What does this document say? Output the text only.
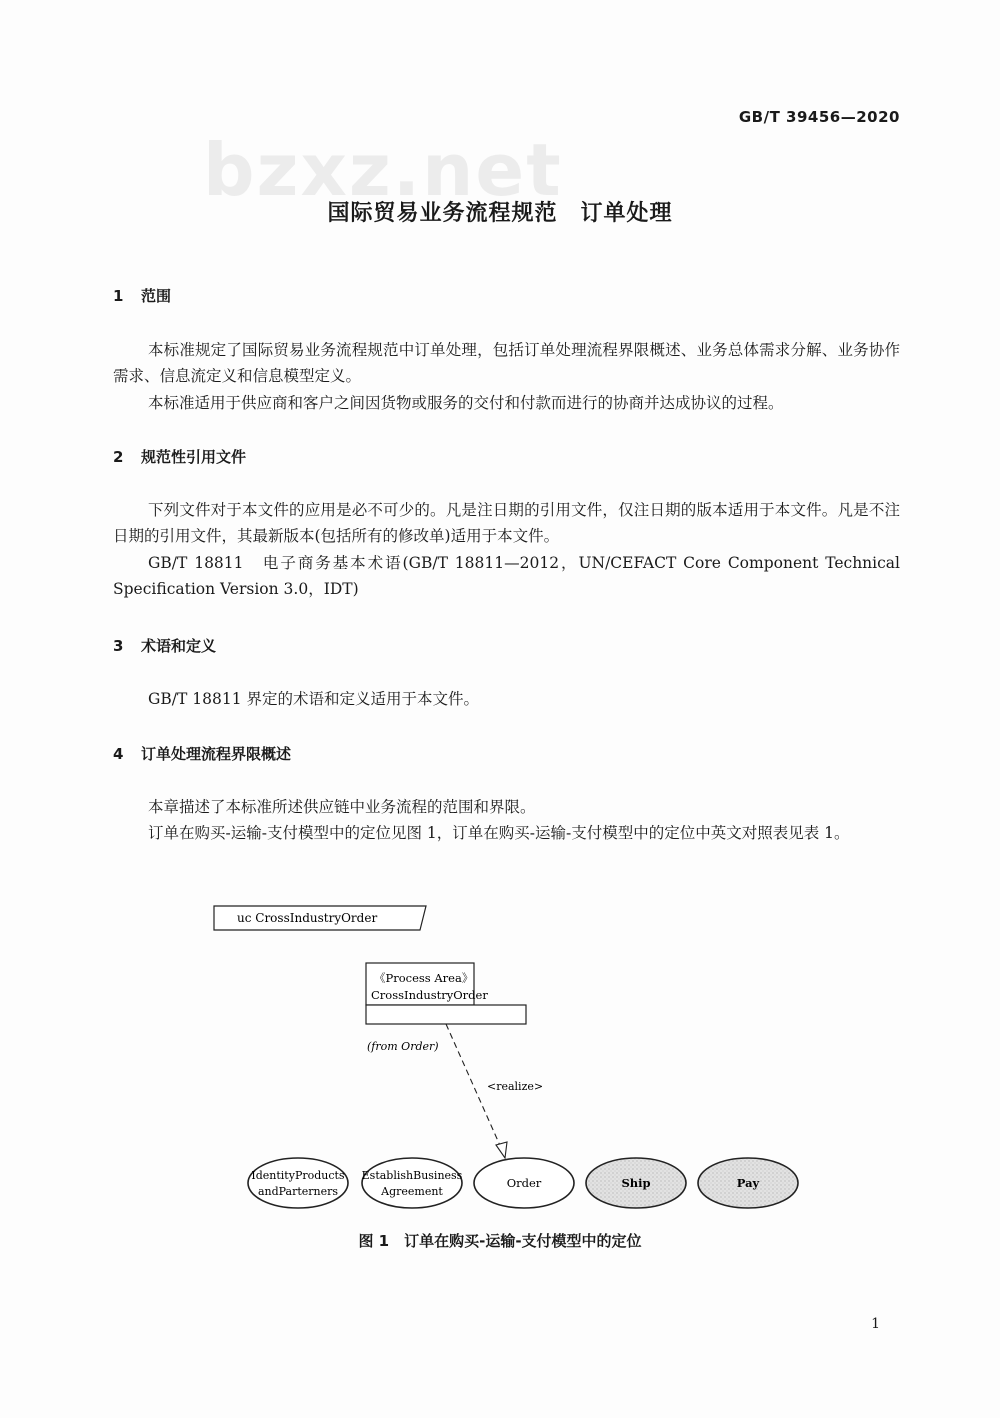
bzxz.net
GB/T 39456—2020
国际贸易业务流程规范　订单处理
1 范围
本标准规定了国际贸易业务流程规范中订单处理，包括订单处理流程界限概述、业务总体需求分解、业务协作需求、信息流定义和信息模型定义。
本标准适用于供应商和客户之间因货物或服务的交付和付款而进行的协商并达成协议的过程。
2 规范性引用文件
下列文件对于本文件的应用是必不可少的。凡是注日期的引用文件，仅注日期的版本适用于本文件。凡是不注日期的引用文件，其最新版本(包括所有的修改单)适用于本文件。
GB/T 18811　电子商务基本术语(GB/T 18811—2012，UN/CEFACT Core Component Technical Specification Version 3.0，IDT)
3 术语和定义
GB/T 18811 界定的术语和定义适用于本文件。
4 订单处理流程界限概述
本章描述了本标准所述供应链中业务流程的范围和界限。
订单在购买-运输-支付模型中的定位见图 1，订单在购买-运输-支付模型中的定位中英文对照表见表 1。
uc CrossIndustryOrder
《Process Area》
CrossIndustryOrder
(from Order)
<realize>
IdentityProducts
andParterners
EstablishBusiness
Agreement
Order	Ship	Pay
图 1　订单在购买-运输-支付模型中的定位
1
